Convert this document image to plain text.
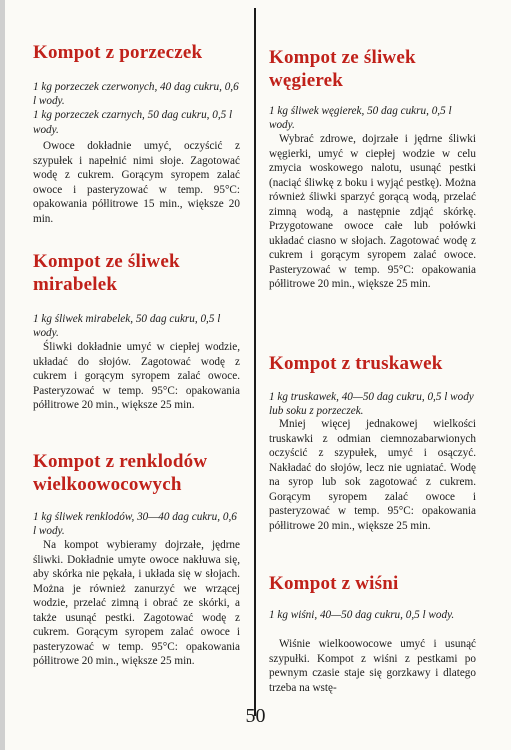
Kompot z porzeczek

1 kg porzeczek czerwonych, 40 dag cukru, 0,6 l wody.
1 kg porzeczek czarnych, 50 dag cukru, 0,5 l wody.

Owoce dokładnie umyć, oczyścić z szypułek i napełnić nimi słoje. Zagotować wodę z cukrem. Gorącym syropem zalać owoce i pasteryzować w temp. 95°C: opakowania półlitrowe 15 min., większe 20 min.

Kompot ze śliwek mirabelek

1 kg śliwek mirabelek, 50 dag cukru, 0,5 l wody.

Śliwki dokładnie umyć w ciepłej wodzie, układać do słojów. Zagotować wodę z cukrem i gorącym syropem zalać owoce. Pasteryzować w temp. 95°C: opakowania półlitrowe 20 min., większe 25 min.

Kompot z renklodów wielkoowocowych

1 kg śliwek renklodów, 30—40 dag cukru, 0,6 l wody.

Na kompot wybieramy dojrzałe, jędrne śliwki. Dokładnie umyte owoce nakłuwa się, aby skórka nie pękała, i układa się w słojach. Można je również zanurzyć we wrzącej wodzie, przelać zimną i obrać ze skórki, a także usunąć pestki. Zagotować wodę z cukrem. Gorącym syropem zalać owoce i pasteryzować w temp. 95°C: opakowania półlitrowe 20 min., większe 25 min.

Kompot ze śliwek węgierek

1 kg śliwek węgierek, 50 dag cukru, 0,5 l wody.

Wybrać zdrowe, dojrzałe i jędrne śliwki węgierki, umyć w ciepłej wodzie w celu zmycia woskowego nalotu, usunąć pestki (naciąć śliwkę z boku i wyjąć pestkę). Można również śliwki sparzyć gorącą wodą, przelać zimną wodą, a następnie zdjąć skórkę. Przygotowane owoce całe lub połówki układać ciasno w słojach. Zagotować wodę z cukrem i gorącym syropem zalać owoce. Pasteryzować w temp. 95°C: opakowania półlitrowe 20 min., większe 25 min.

Kompot z truskawek

1 kg truskawek, 40—50 dag cukru, 0,5 l wody lub soku z porzeczek.

Mniej więcej jednakowej wielkości truskawki z odmian ciemnozabarwionych oczyścić z szypułek, umyć i osączyć. Nakładać do słojów, lecz nie ugniatać. Wodę na syrop lub sok zagotować z cukrem. Gorącym syropem zalać owoce i pasteryzować w temp. 95°C: opakowania półlitrowe 20 min., większe 25 min.

Kompot z wiśni

1 kg wiśni, 40—50 dag cukru, 0,5 l wody.

Wiśnie wielkoowocowe umyć i usunąć szypułki. Kompot z wiśni z pestkami po pewnym czasie staje się gorzkawy i dlatego trzeba na wstę-

50
